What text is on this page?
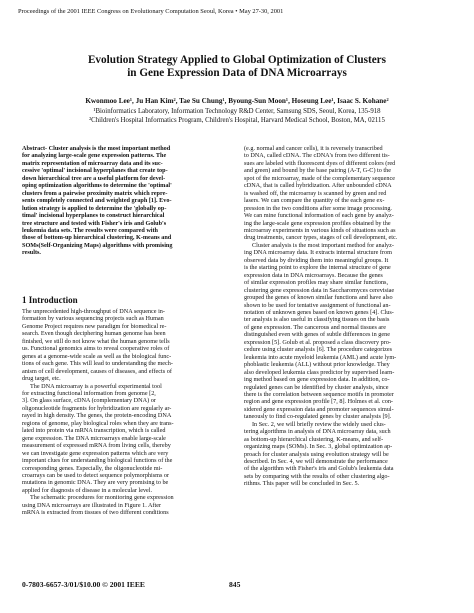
Proceedings of the 2001 IEEE Congress on Evolutionary Computation Seoul, Korea • May 27-30, 2001
Evolution Strategy Applied to Global Optimization of Clusters
in Gene Expression Data of DNA Microarrays
Kwonmoo Lee¹, Ju Han Kim², Tae Su Chung¹, Byoung-Sun Moon¹, Hoseung Lee¹, Isaac S. Kohane²
¹Bioinformatics Laboratory, Information Technology R&D Center, Samsung SDS, Seoul, Korea, 135-918
²Children's Hospital Informatics Program, Children's Hospital, Harvard Medical School, Boston, MA, 02115
Abstract- Cluster analysis is the most important method
for analyzing large-scale gene expression patterns. The
matrix representation of microarray data and its suc-
cessive 'optimal' incisional hyperplanes that create top-
down hierarchical tree are a useful platform for devel-
oping optimization algorithms to determine the 'optimal'
clusters from a pairwise proximity matrix which repre-
sents completely connected and weighted graph [1]. Evo-
lution strategy is applied to determine the 'globally op-
timal' incisional hyperplanes to construct hierarchical
tree structure and tested with Fisher's iris and Golub's
leukemia data sets. The results were compared with
those of bottom-up hierarchical clustering, K-means and
SOMs(Self-Organizing Maps) algorithms with promising
results.
1 Introduction
The unprecedented high-throughput of DNA sequence in-
formation by various sequencing projects such as Human
Genome Project requires new paradigm for biomedical re-
search. Even though deciphering human genome has been
finished, we still do not know what the human genome tells
us. Functional genomics aims to reveal cooperative roles of
genes at a genome-wide scale as well as the biological func-
tions of each gene. This will lead to understanding the mech-
anism of cell development, causes of diseases, and effects of
drug target, etc.
The DNA microarray is a powerful experimental tool
for extracting functional information from genome [2,
3]. On glass surface, cDNA (complementary DNA) or
oligonucleotide fragments for hybridization are regularly ar-
rayed in high density. The genes, the protein-encoding DNA
regions of genome, play biological roles when they are trans-
lated into protein via mRNA transcription, which is called
gene expression. The DNA microarrays enable large-scale
measurement of expressed mRNA from living cells, thereby
we can investigate gene expression patterns which are very
important clues for understanding biological functions of the
corresponding genes. Especially, the oligonucleotide mi-
croarrays can be used to detect sequence polymorphisms or
mutations in genomic DNA. They are very promising to be
applied for diagnosis of disease in a molecular level.
The schematic procedures for monitoring gene expression
using DNA microarrays are illustrated in Figure 1. After
mRNA is extracted from tissues of two different conditions
(e.g. normal and cancer cells), it is reversely transcribed
to DNA, called cDNA. The cDNA's from two different tis-
sues are labeled with fluorescent dyes of different colors (red
and green) and bound by the base pairing (A-T, G-C) to the
spot of the microarray, made of the complementary sequence
cDNA, that is called hybridization. After unbounded cDNA
is washed off, the microarray is scanned by green and red
lasers. We can compare the quantity of the each gene ex-
pression in the two conditions after some image processing.
We can mine functional information of each gene by analyz-
ing the large-scale gene expression profiles obtained by the
microarray experiments in various kinds of situations such as
drug treatments, cancer types, stages of cell development, etc.
Cluster analysis is the most important method for analyz-
ing DNA microarray data. It extracts internal structure from
observed data by dividing them into meaningful groups. It
is the starting point to explore the internal structure of gene
expression data in DNA microarrays. Because the genes
of similar expression profiles may share similar functions,
clustering gene expression data in Saccharomyces cerevisiae
grouped the genes of known similar functions and have also
shown to be used for tentative assignment of functional an-
notation of unknown genes based on known genes [4]. Clus-
ter analysis is also useful in classifying tissues on the basis
of gene expression. The cancerous and normal tissues are
distinguished even with genes of subtle differences in gene
expression [5]. Golub et al. proposed a class discovery pro-
cedure using cluster analysis [6]. The procedure categorizes
leukemia into acute myeloid leukemia (AML) and acute lym-
phoblastic leukemia (ALL) without prior knowledge. They
also developed leukemia class predictor by supervised learn-
ing method based on gene expression data. In addition, co-
regulated genes can be identified by cluster analysis, since
there is the correlation between sequence motifs in promoter
region and gene expression profile [7, 8]. Holmes et al. con-
sidered gene expression data and promoter sequences simul-
taneously to find co-regulated genes by cluster analysis [9].
In Sec. 2, we will briefly review the widely used clus-
tering algorithms in analysis of DNA microarray data, such
as bottom-up hierarchical clustering, K-means, and self-
organizing maps (SOMs). In Sec. 3, global optimization ap-
proach for cluster analysis using evolution strategy will be
described. In Sec. 4, we will demonstrate the performance
of the algorithm with Fisher's iris and Golub's leukemia data
sets by comparing with the results of other clustering algo-
rithms. This paper will be concluded in Sec. 5.
0-7803-6657-3/01/$10.00 © 2001 IEEE	845
